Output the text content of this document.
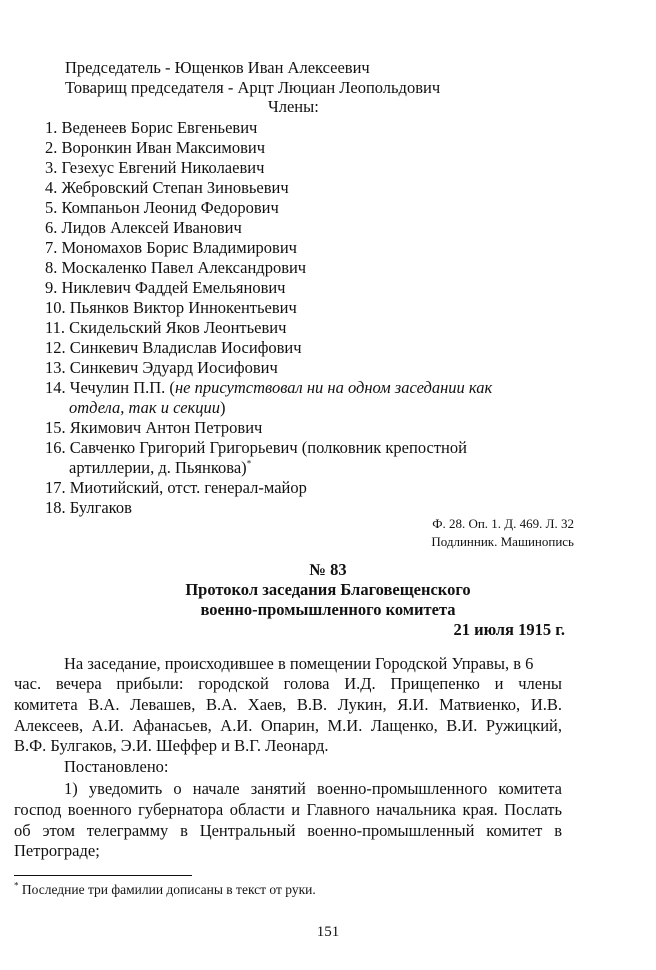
Председатель - Ющенков Иван Алексеевич
Товарищ председателя - Арцт Люциан Леопольдович
Члены:
1. Веденеев Борис Евгеньевич
2. Воронкин Иван Максимович
3. Гезехус Евгений Николаевич
4. Жебровский Степан Зиновьевич
5. Компаньон Леонид Федорович
6. Лидов Алексей Иванович
7. Мономахов Борис Владимирович
8. Москаленко Павел Александрович
9. Никлевич Фаддей Емельянович
10. Пьянков Виктор Иннокентьевич
11. Скидельский Яков Леонтьевич
12. Синкевич Владислав Иосифович
13. Синкевич Эдуард Иосифович
14. Чечулин П.П. (не присутствовал ни на одном заседании как
отдела, так и секции)
15. Якимович Антон Петрович
16. Савченко Григорий Григорьевич (полковник крепостной
артиллерии, д. Пьянкова)*
17. Миотийский, отст. генерал-майор
18. Булгаков
Ф. 28. Оп. 1. Д. 469. Л. 32
Подлинник. Машинопись
№ 83
Протокол заседания Благовещенского
военно-промышленного комитета
21 июля 1915 г.
На заседание, происходившее в помещении Городской Управы, в 6
час. вечера прибыли: городской голова И.Д. Прищепенко и члены
комитета В.А. Левашев, В.А. Хаев, В.В. Лукин, Я.И. Матвиенко, И.В.
Алексеев, А.И. Афанасьев, А.И. Опарин, М.И. Лащенко, В.И. Ружицкий,
В.Ф. Булгаков, Э.И. Шеффер и В.Г. Леонард.
Постановлено:
1) уведомить о начале занятий военно-промышленного комитета
господ военного губернатора области и Главного начальника края. Послать
об этом телеграмму в Центральный военно-промышленный комитет в
Петрограде;
* Последние три фамилии дописаны в текст от руки.
151
